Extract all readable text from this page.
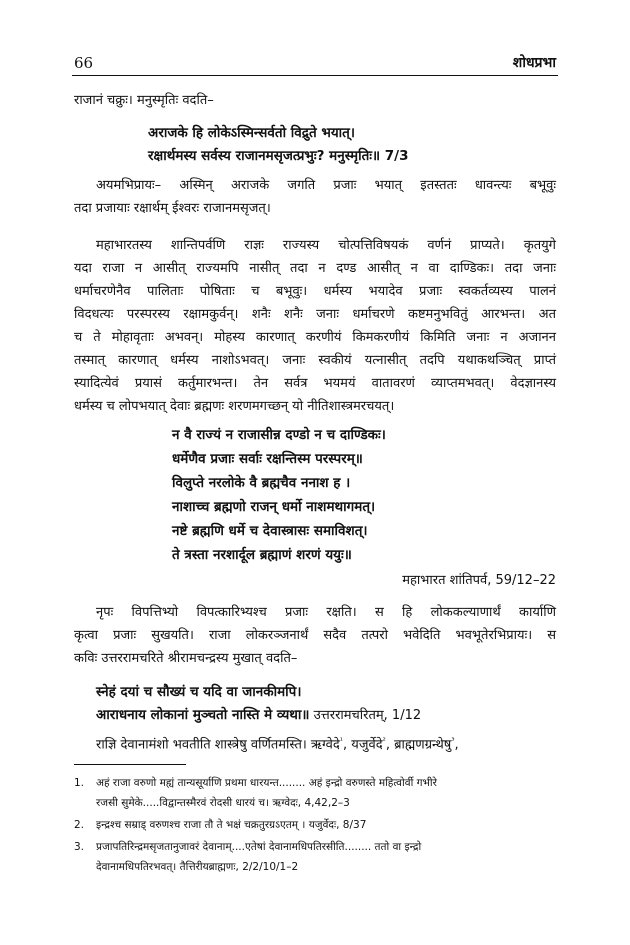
66	शोधप्रभा
राजानं चक्रुः। मनुस्मृतिः वदति–
अराजके हि लोकेऽस्मिन्सर्वतो विद्रुते भयात्।
रक्षार्थमस्य सर्वस्य राजानमसृजत्प्रभुः? मनुस्मृतिः॥ 7/3
अयमभिप्रायः– अस्मिन् अराजके जगति प्रजाः भयात् इतस्ततः धावन्त्यः बभूवुः
तदा प्रजायाः रक्षार्थम् ईश्वरः राजानमसृजत्।
महाभारतस्य शान्तिपर्वणि राज्ञः राज्यस्य चोत्पत्तिविषयकं वर्णनं प्राप्यते। कृतयुगे
यदा राजा न आसीत् राज्यमपि नासीत् तदा न दण्ड आसीत् न वा दाण्डिकः। तदा जनाः
धर्माचरणेनैव पालिताः पोषिताः च बभूवुः। धर्मस्य भयादेव प्रजाः स्वकर्तव्यस्य पालनं
विदधत्यः परस्परस्य रक्षामकुर्वन्। शनैः शनैः जनाः धर्माचरणे कष्टमनुभवितुं आरभन्त। अत
च ते मोहावृताः अभवन्। मोहस्य कारणात् करणीयं किमकरणीयं किमिति जनाः न अजानन
तस्मात् कारणात् धर्मस्य नाशोऽभवत्। जनाः स्वकीयं यत्नासीत् तदपि यथाकथञ्चित् प्राप्तं
स्यादित्येवं प्रयासं कर्तुमारभन्त। तेन सर्वत्र भयमयं वातावरणं व्याप्तमभवत्। वेदज्ञानस्य
धर्मस्य च लोपभयात् देवाः ब्रह्मणः शरणमगच्छन् यो नीतिशास्त्रमरचयत्।
न वै राज्यं न राजासीन्न दण्डो न च दाण्डिकः।
धर्मेणैव प्रजाः सर्वाः रक्षन्तिस्म परस्परम्॥
विलुप्ते नरलोके वै ब्रह्मचैव ननाश ह ।
नाशाच्च ब्रह्मणो राजन् धर्मो नाशमथागमत्।
नष्टे ब्रह्मणि धर्मे च देवास्त्रासः समाविशत्।
ते त्रस्ता नरशार्दूल ब्रह्माणं शरणं ययुः॥
महाभारत शांतिपर्व, 59/12–22
नृपः विपत्तिभ्यो विपत्कारिभ्यश्च प्रजाः रक्षति। स हि लोककल्याणार्थं कार्याणि
कृत्वा प्रजाः सुखयति। राजा लोकरञ्जनार्थं सदैव तत्परो भवेदिति भवभूतेरभिप्रायः। स
कविः उत्तररामचरिते श्रीरामचन्द्रस्य मुखात् वदति–
स्नेहं दयां च सौख्यं च यदि वा जानकीमपि।
आराधनाय लोकानां मुञ्चतो नास्ति मे व्यथा॥ उत्तररामचरितम्, 1/12
राज्ञि देवानामंशो भवतीति शास्त्रेषु वर्णितमस्ति। ऋग्वेदे$^{^1}$, यजुर्वेदे$^{^2}$, ब्राह्मणग्रन्थेषु$^{^3}$,
1. अहं राजा वरुणो मह्यं तान्यसूर्याणि प्रथमा धारयन्त........ अहं इन्द्रो वरुणस्ते महित्वोर्वी गभीरे
रजसी सुमेके.....विद्वान्तस्मैरवं रोदसी धारयं च। ऋग्वेदः, 4,42,2–3
2. इन्द्रश्च सम्राड् वरुणश्च राजा तौ ते भक्षं चक्रतुरग्रऽएतम् । यजुर्वेदः, 8/37
3. प्रजापतिरिन्द्रमसृजतानुजावरं देवानाम्....एतेषां देवानामधिपतिरसीति........ ततो वा इन्द्रो
देवानामधिपतिरभवत्। तैत्तिरीयब्राह्मणः, 2/2/10/1–2
